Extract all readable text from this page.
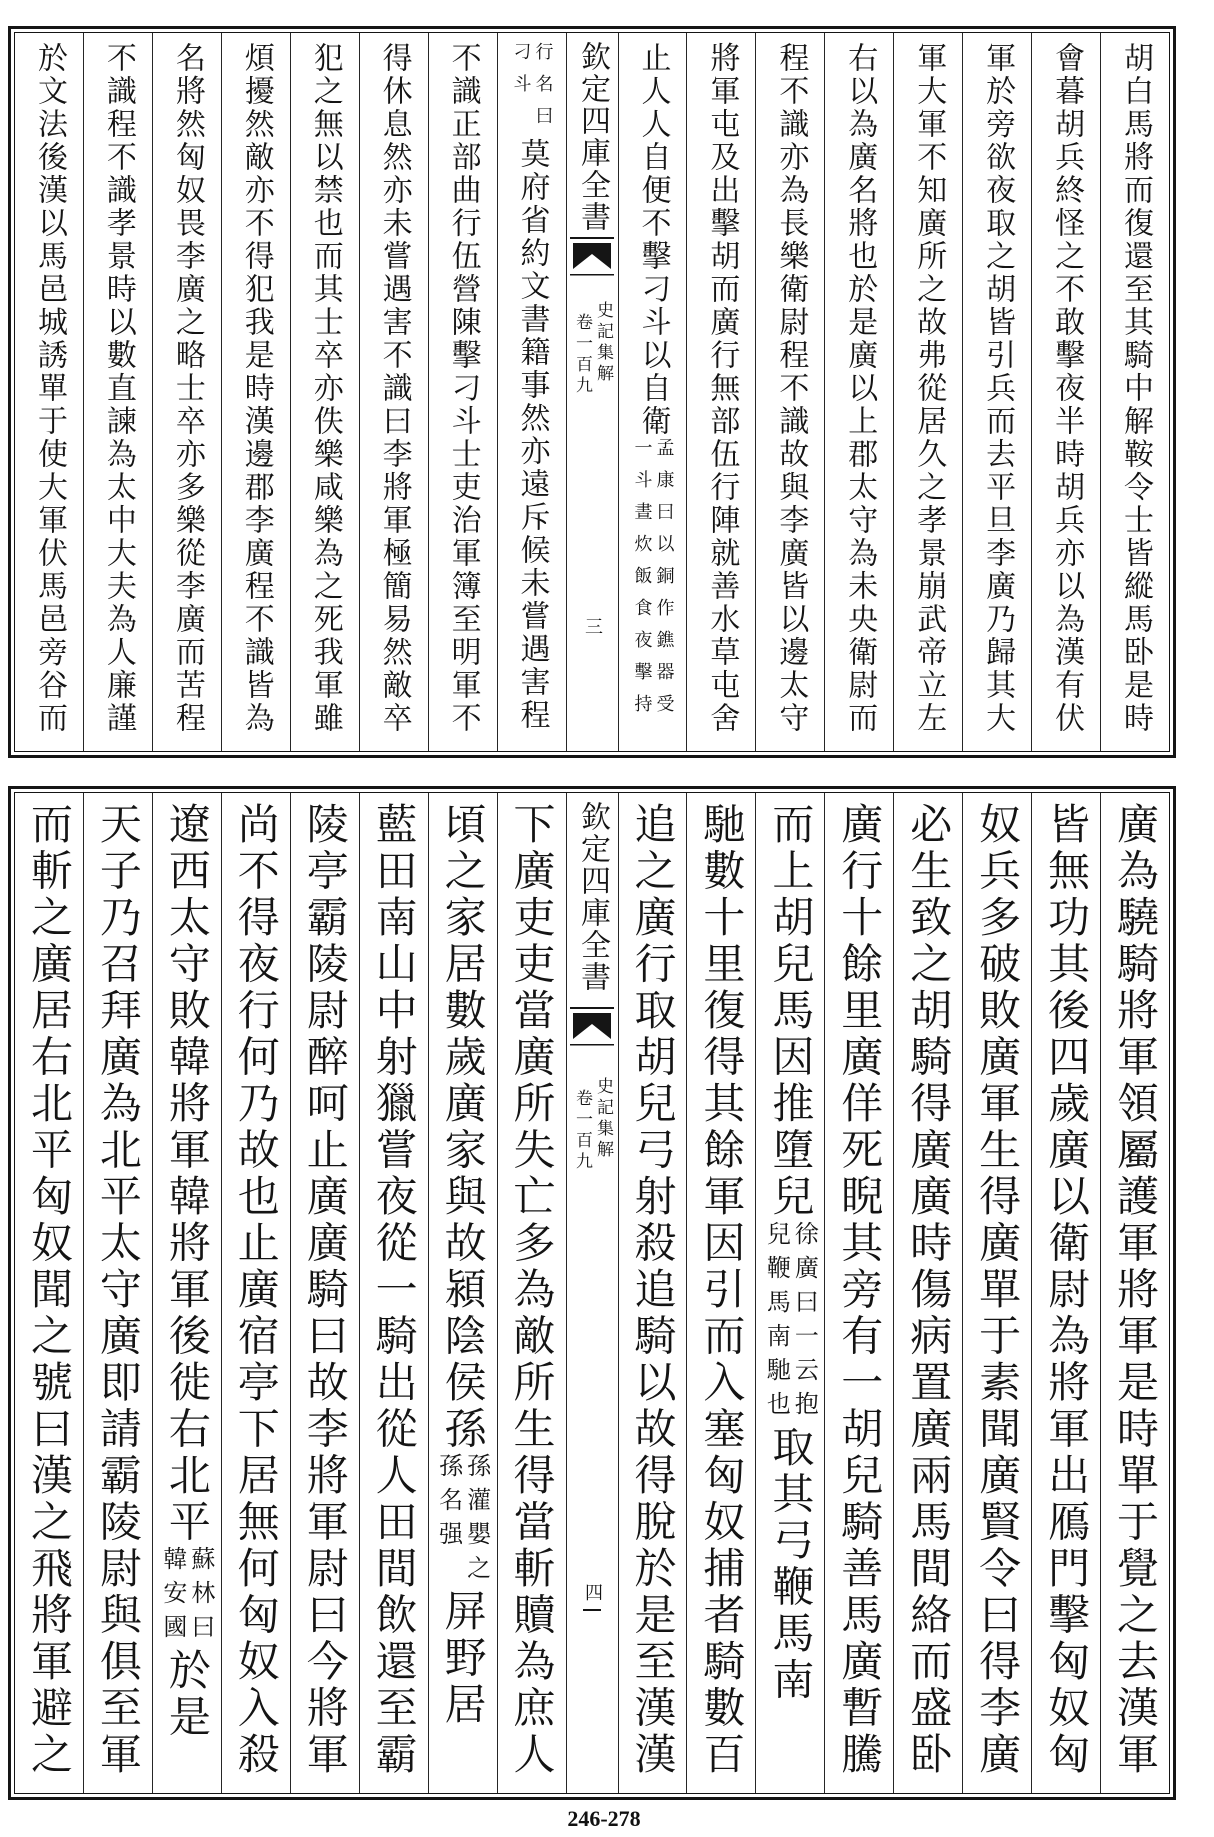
胡白馬將而復還至其騎中解鞍令士皆縱馬卧是時
會暮胡兵終怪之不敢擊夜半時胡兵亦以為漢有伏
軍於旁欲夜取之胡皆引兵而去平旦李廣乃歸其大
軍大軍不知廣所之故弗從居久之孝景崩武帝立左
右以為廣名將也於是廣以上郡太守為未央衛尉而
程不識亦為長樂衛尉程不識故與李廣皆以邊太守
將軍屯及出擊胡而廣行無部伍行陣就善水草屯舍
止人人自便不擊刁斗以自衛
孟康曰以銅作鐎器受
一斗晝炊飯食夜擊持
欽定四庫全書
史記集解
卷一百九
三
行名曰
刁斗
莫府省約文書籍事然亦遠斥候未嘗遇害程
不識正部曲行伍營陳擊刁斗士吏治軍簿至明軍不
得休息然亦未嘗遇害不識曰李將軍極簡易然敵卒
犯之無以禁也而其士卒亦佚樂咸樂為之死我軍雖
煩擾然敵亦不得犯我是時漢邊郡李廣程不識皆為
名將然匈奴畏李廣之略士卒亦多樂從李廣而苦程
不識程不識孝景時以數直諫為太中大夫為人廉謹
於文法後漢以馬邑城誘單于使大軍伏馬邑旁谷而
廣為驍騎將軍領屬護軍將軍是時單于覺之去漢軍
皆無功其後四歲廣以衛尉為將軍出鴈門擊匈奴匈
奴兵多破敗廣軍生得廣單于素聞廣賢令曰得李廣
必生致之胡騎得廣廣時傷病置廣兩馬間絡而盛卧
廣行十餘里廣佯死睨其旁有一胡兒騎善馬廣暫騰
而上胡兒馬因推墮兒
徐廣曰一云抱
兒鞭馬南馳也
取其弓鞭馬南
馳數十里復得其餘軍因引而入塞匈奴捕者騎數百
追之廣行取胡兒弓射殺追騎以故得脫於是至漢漢
欽定四庫全書
史記集解
卷一百九
四
下廣吏吏當廣所失亡多為敵所生得當斬贖為庶人
頃之家居數歲廣家與故潁陰侯孫
孫灌嬰之
孫名强
屏野居
藍田南山中射獵嘗夜從一騎出從人田間飲還至霸
陵亭霸陵尉醉呵止廣廣騎曰故李將軍尉曰今將軍
尚不得夜行何乃故也止廣宿亭下居無何匈奴入殺
遼西太守敗韓將軍韓將軍後徙右北平
蘇林曰
韓安國
於是
天子乃召拜廣為北平太守廣即請霸陵尉與俱至軍
而斬之廣居右北平匈奴聞之號曰漢之飛將軍避之
246-278
